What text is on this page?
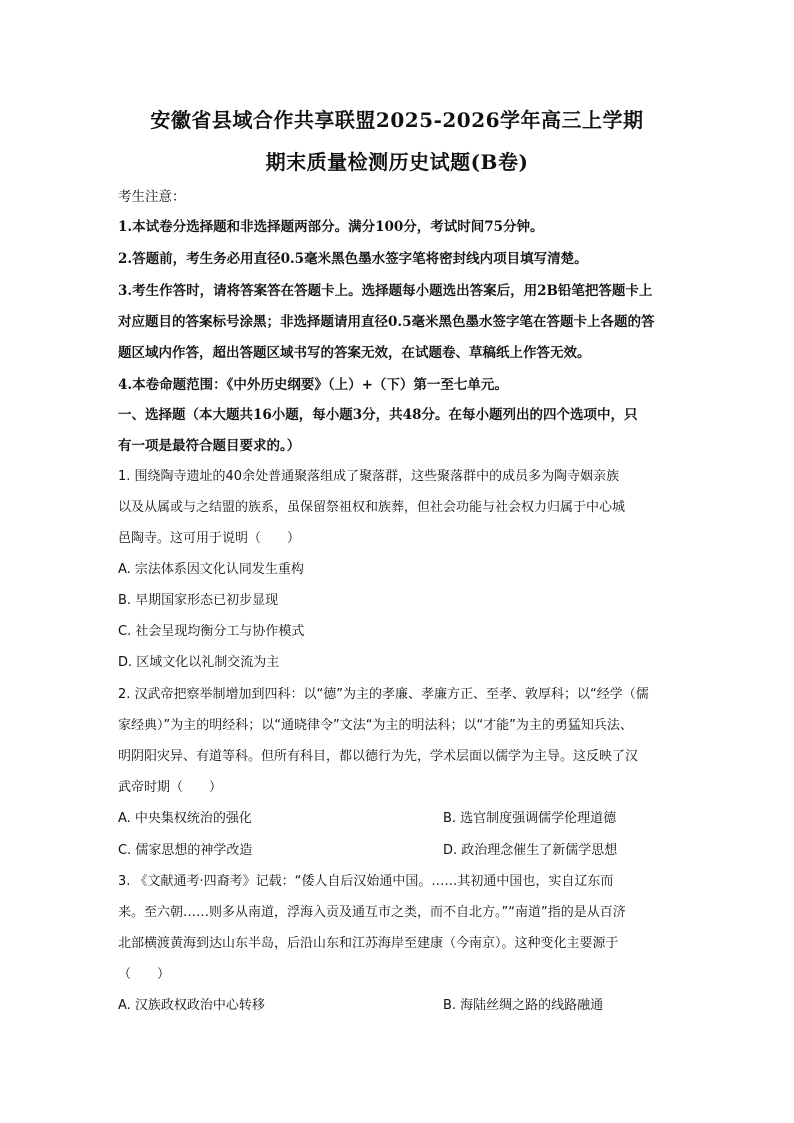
安徽省县域合作共享联盟2025-2026学年高三上学期
期末质量检测历史试题(B卷)
考生注意：
1.本试卷分选择题和非选择题两部分。满分100分，考试时间75分钟。
2.答题前，考生务必用直径0.5毫米黑色墨水签字笔将密封线内项目填写清楚。
3.考生作答时，请将答案答在答题卡上。选择题每小题选出答案后，用2B铅笔把答题卡上
对应题目的答案标号涂黑；非选择题请用直径0.5毫米黑色墨水签字笔在答题卡上各题的答
题区域内作答，超出答题区域书写的答案无效，在试题卷、草稿纸上作答无效。
4.本卷命题范围：《中外历史纲要》（上）+（下）第一至七单元。
一、选择题（本大题共16小题，每小题3分，共48分。在每小题列出的四个选项中，只
有一项是最符合题目要求的。）
1. 围绕陶寺遗址的40余处普通聚落组成了聚落群，这些聚落群中的成员多为陶寺姻亲族
以及从属或与之结盟的族系，虽保留祭祖权和族葬，但社会功能与社会权力归属于中心城
邑陶寺。这可用于说明（　　）
A. 宗法体系因文化认同发生重构
B. 早期国家形态已初步显现
C. 社会呈现均衡分工与协作模式
D. 区域文化以礼制交流为主
2. 汉武帝把察举制增加到四科：以“德”为主的孝廉、孝廉方正、至孝、敦厚科；以“经学（儒
家经典）”为主的明经科；以“通晓律令”文法“为主的明法科；以“才能”为主的勇猛知兵法、
明阴阳灾异、有道等科。但所有科目，都以德行为先，学术层面以儒学为主导。这反映了汉
武帝时期（　　）
A. 中央集权统治的强化	B. 选官制度强调儒学伦理道德
C. 儒家思想的神学改造	D. 政治理念催生了新儒学思想
3. 《文献通考·四裔考》记载：“倭人自后汉始通中国。……其初通中国也，实自辽东而
来。至六朝……则多从南道，浮海入贡及通互市之类，而不自北方。”“南道”指的是从百济
北部横渡黄海到达山东半岛，后沿山东和江苏海岸至建康（今南京）。这种变化主要源于
（　　）
A. 汉族政权政治中心转移	B. 海陆丝绸之路的线路融通
